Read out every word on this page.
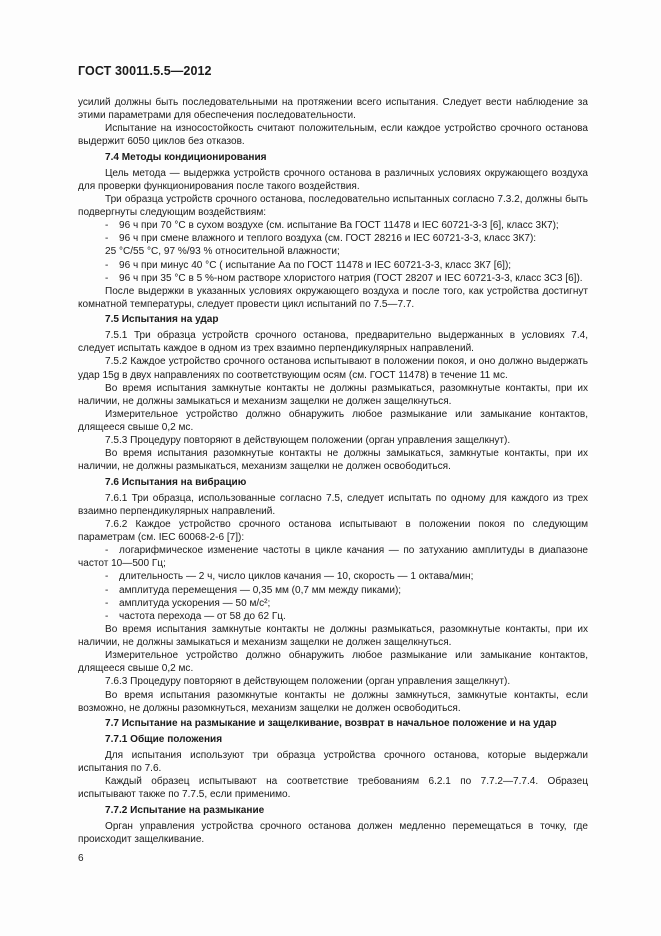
ГОСТ 30011.5.5—2012
усилий должны быть последовательными на протяжении всего испытания. Следует вести наблюдение за этими параметрами для обеспечения последовательности.
Испытание на износостойкость считают положительным, если каждое устройство срочного останова выдержит 6050 циклов без отказов.
7.4 Методы кондиционирования
Цель метода — выдержка устройств срочного останова в различных условиях окружающего воздуха для проверки функционирования после такого воздействия.
Три образца устройств срочного останова, последовательно испытанных согласно 7.3.2, должны быть подвергнуты следующим воздействиям:
- 96 ч при 70 °С в сухом воздухе (см. испытание Ва ГОСТ 11478 и IEC 60721-3-3 [6], класс 3К7);
- 96 ч при смене влажного и теплого воздуха (см. ГОСТ 28216 и IEC 60721-3-3, класс 3К7):
25 °С/55 °С, 97 %/93 % относительной влажности;
- 96 ч при минус 40 °С ( испытание Аа по ГОСТ 11478 и IEC 60721-3-3, класс 3К7 [6]);
- 96 ч при 35 °С в 5 %-ном растворе хлористого натрия (ГОСТ 28207 и IEC 60721-3-3, класс 3С3 [6]).
После выдержки в указанных условиях окружающего воздуха и после того, как устройства достигнут комнатной температуры, следует провести цикл испытаний по 7.5—7.7.
7.5 Испытания на удар
7.5.1 Три образца устройств срочного останова, предварительно выдержанных в условиях 7.4, следует испытать каждое в одном из трех взаимно перпендикулярных направлений.
7.5.2 Каждое устройство срочного останова испытывают в положении покоя, и оно должно выдержать удар 15g в двух направлениях по соответствующим осям (см. ГОСТ 11478) в течение 11 мс.
Во время испытания замкнутые контакты не должны размыкаться, разомкнутые контакты, при их наличии, не должны замыкаться и механизм защелки не должен защелкнуться.
Измерительное устройство должно обнаружить любое размыкание или замыкание контактов, длящееся свыше 0,2 мс.
7.5.3 Процедуру повторяют в действующем положении (орган управления защелкнут).
Во время испытания разомкнутые контакты не должны замыкаться, замкнутые контакты, при их наличии, не должны размыкаться, механизм защелки не должен освободиться.
7.6 Испытания на вибрацию
7.6.1 Три образца, использованные согласно 7.5, следует испытать по одному для каждого из трех взаимно перпендикулярных направлений.
7.6.2 Каждое устройство срочного останова испытывают в положении покоя по следующим параметрам (см. IEC 60068-2-6 [7]):
- логарифмическое изменение частоты в цикле качания — по затуханию амплитуды в диапазоне частот 10—500 Гц;
- длительность — 2 ч, число циклов качания — 10, скорость — 1 октава/мин;
- амплитуда перемещения — 0,35 мм (0,7 мм между пиками);
- амплитуда ускорения — 50 м/с²;
- частота перехода — от 58 до 62 Гц.
Во время испытания замкнутые контакты не должны размыкаться, разомкнутые контакты, при их наличии, не должны замыкаться и механизм защелки не должен защелкнуться.
Измерительное устройство должно обнаружить любое размыкание или замыкание контактов, длящееся свыше 0,2 мс.
7.6.3 Процедуру повторяют в действующем положении (орган управления защелкнут).
Во время испытания разомкнутые контакты не должны замкнуться, замкнутые контакты, если возможно, не должны разомкнуться, механизм защелки не должен освободиться.
7.7 Испытание на размыкание и защелкивание, возврат в начальное положение и на удар
7.7.1 Общие положения
Для испытания используют три образца устройства срочного останова, которые выдержали испытания по 7.6.
Каждый образец испытывают на соответствие требованиям 6.2.1 по 7.7.2—7.7.4. Образец испытывают также по 7.7.5, если применимо.
7.7.2 Испытание на размыкание
Орган управления устройства срочного останова должен медленно перемещаться в точку, где происходит защелкивание.
6
